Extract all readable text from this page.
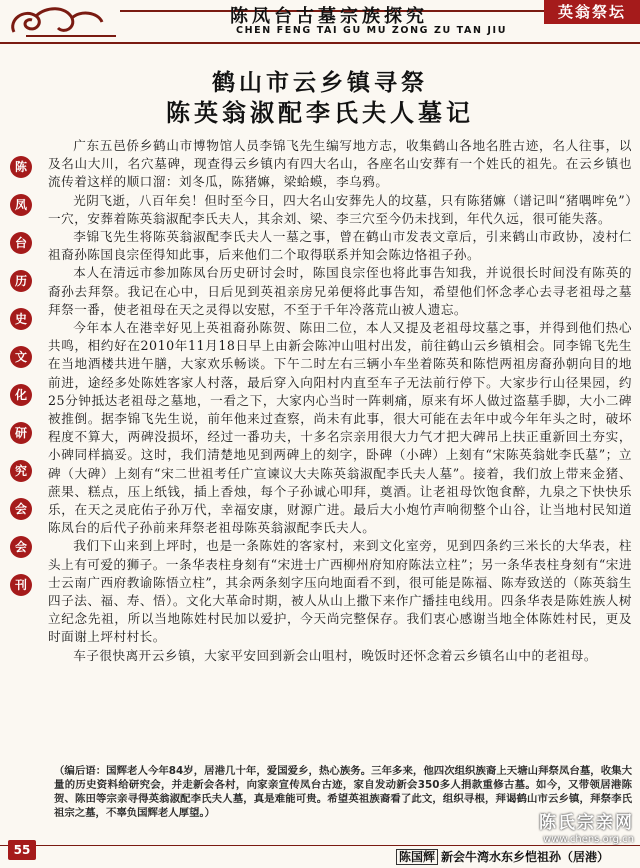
陈凤台古墓宗族探究
CHEN FENG TAI GU MU ZONG ZU TAN JIU
英翁祭坛
陈
凤
台
历
史
文
化
研
究
会
会
刊
鹤山市云乡镇寻祭
陈英翁淑配李氏夫人墓记

广东五邑侨乡鹤山市博物馆人员李锦飞先生编写地方志，收集鹤山各地名胜古迹，名人往事，以及名山大川，名穴墓碑，现查得云乡镇内有四大名山，各座名山安葬有一个姓氏的祖先。在云乡镇也流传着这样的顺口溜：刘冬瓜，陈猪嫲，梁蛤蟆，李乌鸦。

光阴飞逝，八百年矣！但时至今日，四大名山安葬先人的坟墓，只有陈猪嫲（谱记叫“猪喁哰免”）一穴，安葬着陈英翁淑配李氏夫人，其余刘、梁、李三穴至今仍未找到，年代久远，很可能失落。

李锦飞先生将陈英翁淑配李氏夫人一墓之事，曾在鹤山市发表文章后，引来鹤山市政协，凌村仁祖裔孙陈国良宗侄得知此事，后来他们二个取得联系并知会陈边恪祖子孙。

本人在清远市参加陈凤台历史研讨会时，陈国良宗侄也将此事告知我，并说很长时间没有陈英的裔孙去拜祭。我记在心中，日后见到英祖亲房兄弟便将此事告知，希望他们怀念孝心去寻老祖母之墓拜祭一番，使老祖母在天之灵得以安慰，不至于千年冷落荒山被人遗忘。

今年本人在港幸好见上英祖裔孙陈贺、陈田二位，本人又提及老祖母坟墓之事，并得到他们热心共鸣，相约好在2010年11月18日早上由新会陈冲山咀村出发，前往鹤山云乡镇相会。同李锦飞先生在当地酒楼共进午膳，大家欢乐畅谈。下午二时左右三辆小车坐着陈英和陈恺两祖房裔孙朝向目的地前进，途经多处陈姓客家人村落，最后穿入向阳村内直至车子无法前行停下。大家步行山径果园，约25分钟抵达老祖母之墓地，一看之下，大家内心当时一阵刺痛，原来有坏人做过盗墓手脚，大小二碑被推倒。据李锦飞先生说，前年他来过查察，尚未有此事，很大可能在去年中或今年年头之时，破坏程度不算大，两碑没损坏，经过一番功夫，十多名宗亲用很大力气才把大碑吊上扶正重新回土夯实，小碑同样搞妥。这时，我们清楚地见到两碑上的刻字，卧碑（小碑）上刻有“宋陈英翁妣李氏墓”；立碑（大碑）上刻有“宋二世祖考任广宣谏议大夫陈英翁淑配李氏夫人墓”。接着，我们放上带来金猪、蔗果、糕点，压上纸钱，插上香烛，每个子孙诚心叩拜，奠酒。让老祖母饮饱食醉，九泉之下快快乐乐，在天之灵庇佑子孙万代，幸福安康，财源广进。最后大小炮竹声响彻整个山谷，让当地村民知道陈凤台的后代子孙前来拜祭老祖母陈英翁淑配李氏夫人。

我们下山来到上坪时，也是一条陈姓的客家村，来到文化室旁，见到四条约三米长的大华表，柱头上有可爱的狮子。一条华表柱身刻有“宋进士广西柳州府知府陈法立柱”；另一条华表柱身刻有“宋进士云南广西府教谕陈悟立柱”，其余两条刻字压向地面看不到，很可能是陈福、陈寿致送的（陈英翁生四子法、福、寿、悟）。文化大革命时期，被人从山上撒下来作广播挂电线用。四条华表是陈姓族人树立纪念先祖，所以当地陈姓村民加以爱护，今天尚完整保存。我们衷心感谢当地全体陈姓村民，更及时面谢上坪村村长。

车子很快离开云乡镇，大家平安回到新会山咀村，晚饭时还怀念着云乡镇名山中的老祖母。

（编后语：国辉老人今年84岁，居港几十年，爱国爱乡，热心族务。三年多来，他四次组织族裔上天塘山拜祭凤台墓，收集大量的历史资料给研究会，并走新会各村，向家亲宣传凤台古迹，家自发动新会350多人捐款重修古墓。如今，又带领居港陈贺、陈田等宗亲寻得英翁淑配李氏夫人墓，真是难能可贵。希望英祖族裔看了此文，组织寻根，拜谒鹤山市云乡镇，拜祭李氏祖宗之墓，不辜负国辉老人厚望。）
55	陈国辉 新会牛湾水东乡恺祖孙（居港）
陈氏宗亲网
www.chens.org.cn
